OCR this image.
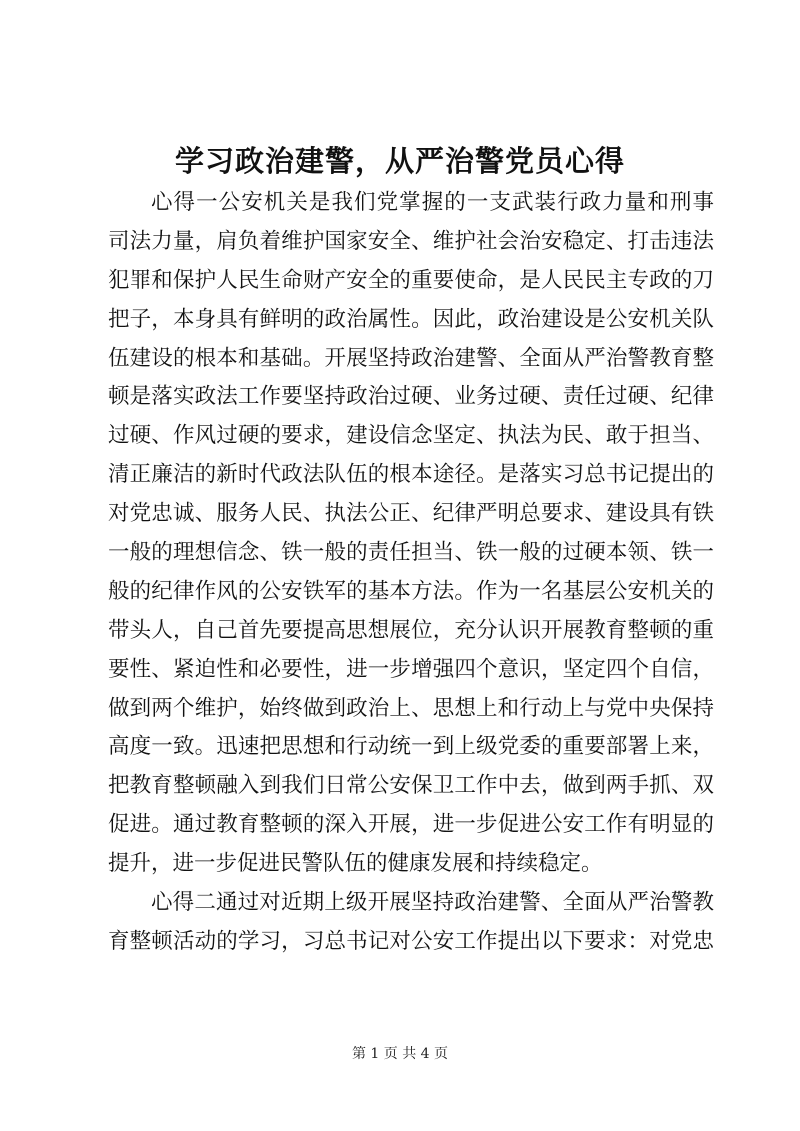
学习政治建警，从严治警党员心得
心得一公安机关是我们党掌握的一支武装行政力量和刑事
司法力量，肩负着维护国家安全、维护社会治安稳定、打击违法
犯罪和保护人民生命财产安全的重要使命，是人民民主专政的刀
把子，本身具有鲜明的政治属性。因此，政治建设是公安机关队
伍建设的根本和基础。开展坚持政治建警、全面从严治警教育整
顿是落实政法工作要坚持政治过硬、业务过硬、责任过硬、纪律
过硬、作风过硬的要求，建设信念坚定、执法为民、敢于担当、
清正廉洁的新时代政法队伍的根本途径。是落实习总书记提出的
对党忠诚、服务人民、执法公正、纪律严明总要求、建设具有铁
一般的理想信念、铁一般的责任担当、铁一般的过硬本领、铁一
般的纪律作风的公安铁军的基本方法。作为一名基层公安机关的
带头人，自己首先要提高思想展位，充分认识开展教育整顿的重
要性、紧迫性和必要性，进一步增强四个意识，坚定四个自信，
做到两个维护，始终做到政治上、思想上和行动上与党中央保持
高度一致。迅速把思想和行动统一到上级党委的重要部署上来，
把教育整顿融入到我们日常公安保卫工作中去，做到两手抓、双
促进。通过教育整顿的深入开展，进一步促进公安工作有明显的
提升，进一步促进民警队伍的健康发展和持续稳定。
心得二通过对近期上级开展坚持政治建警、全面从严治警教
育整顿活动的学习，习总书记对公安工作提出以下要求：对党忠
第 1 页 共 4 页
